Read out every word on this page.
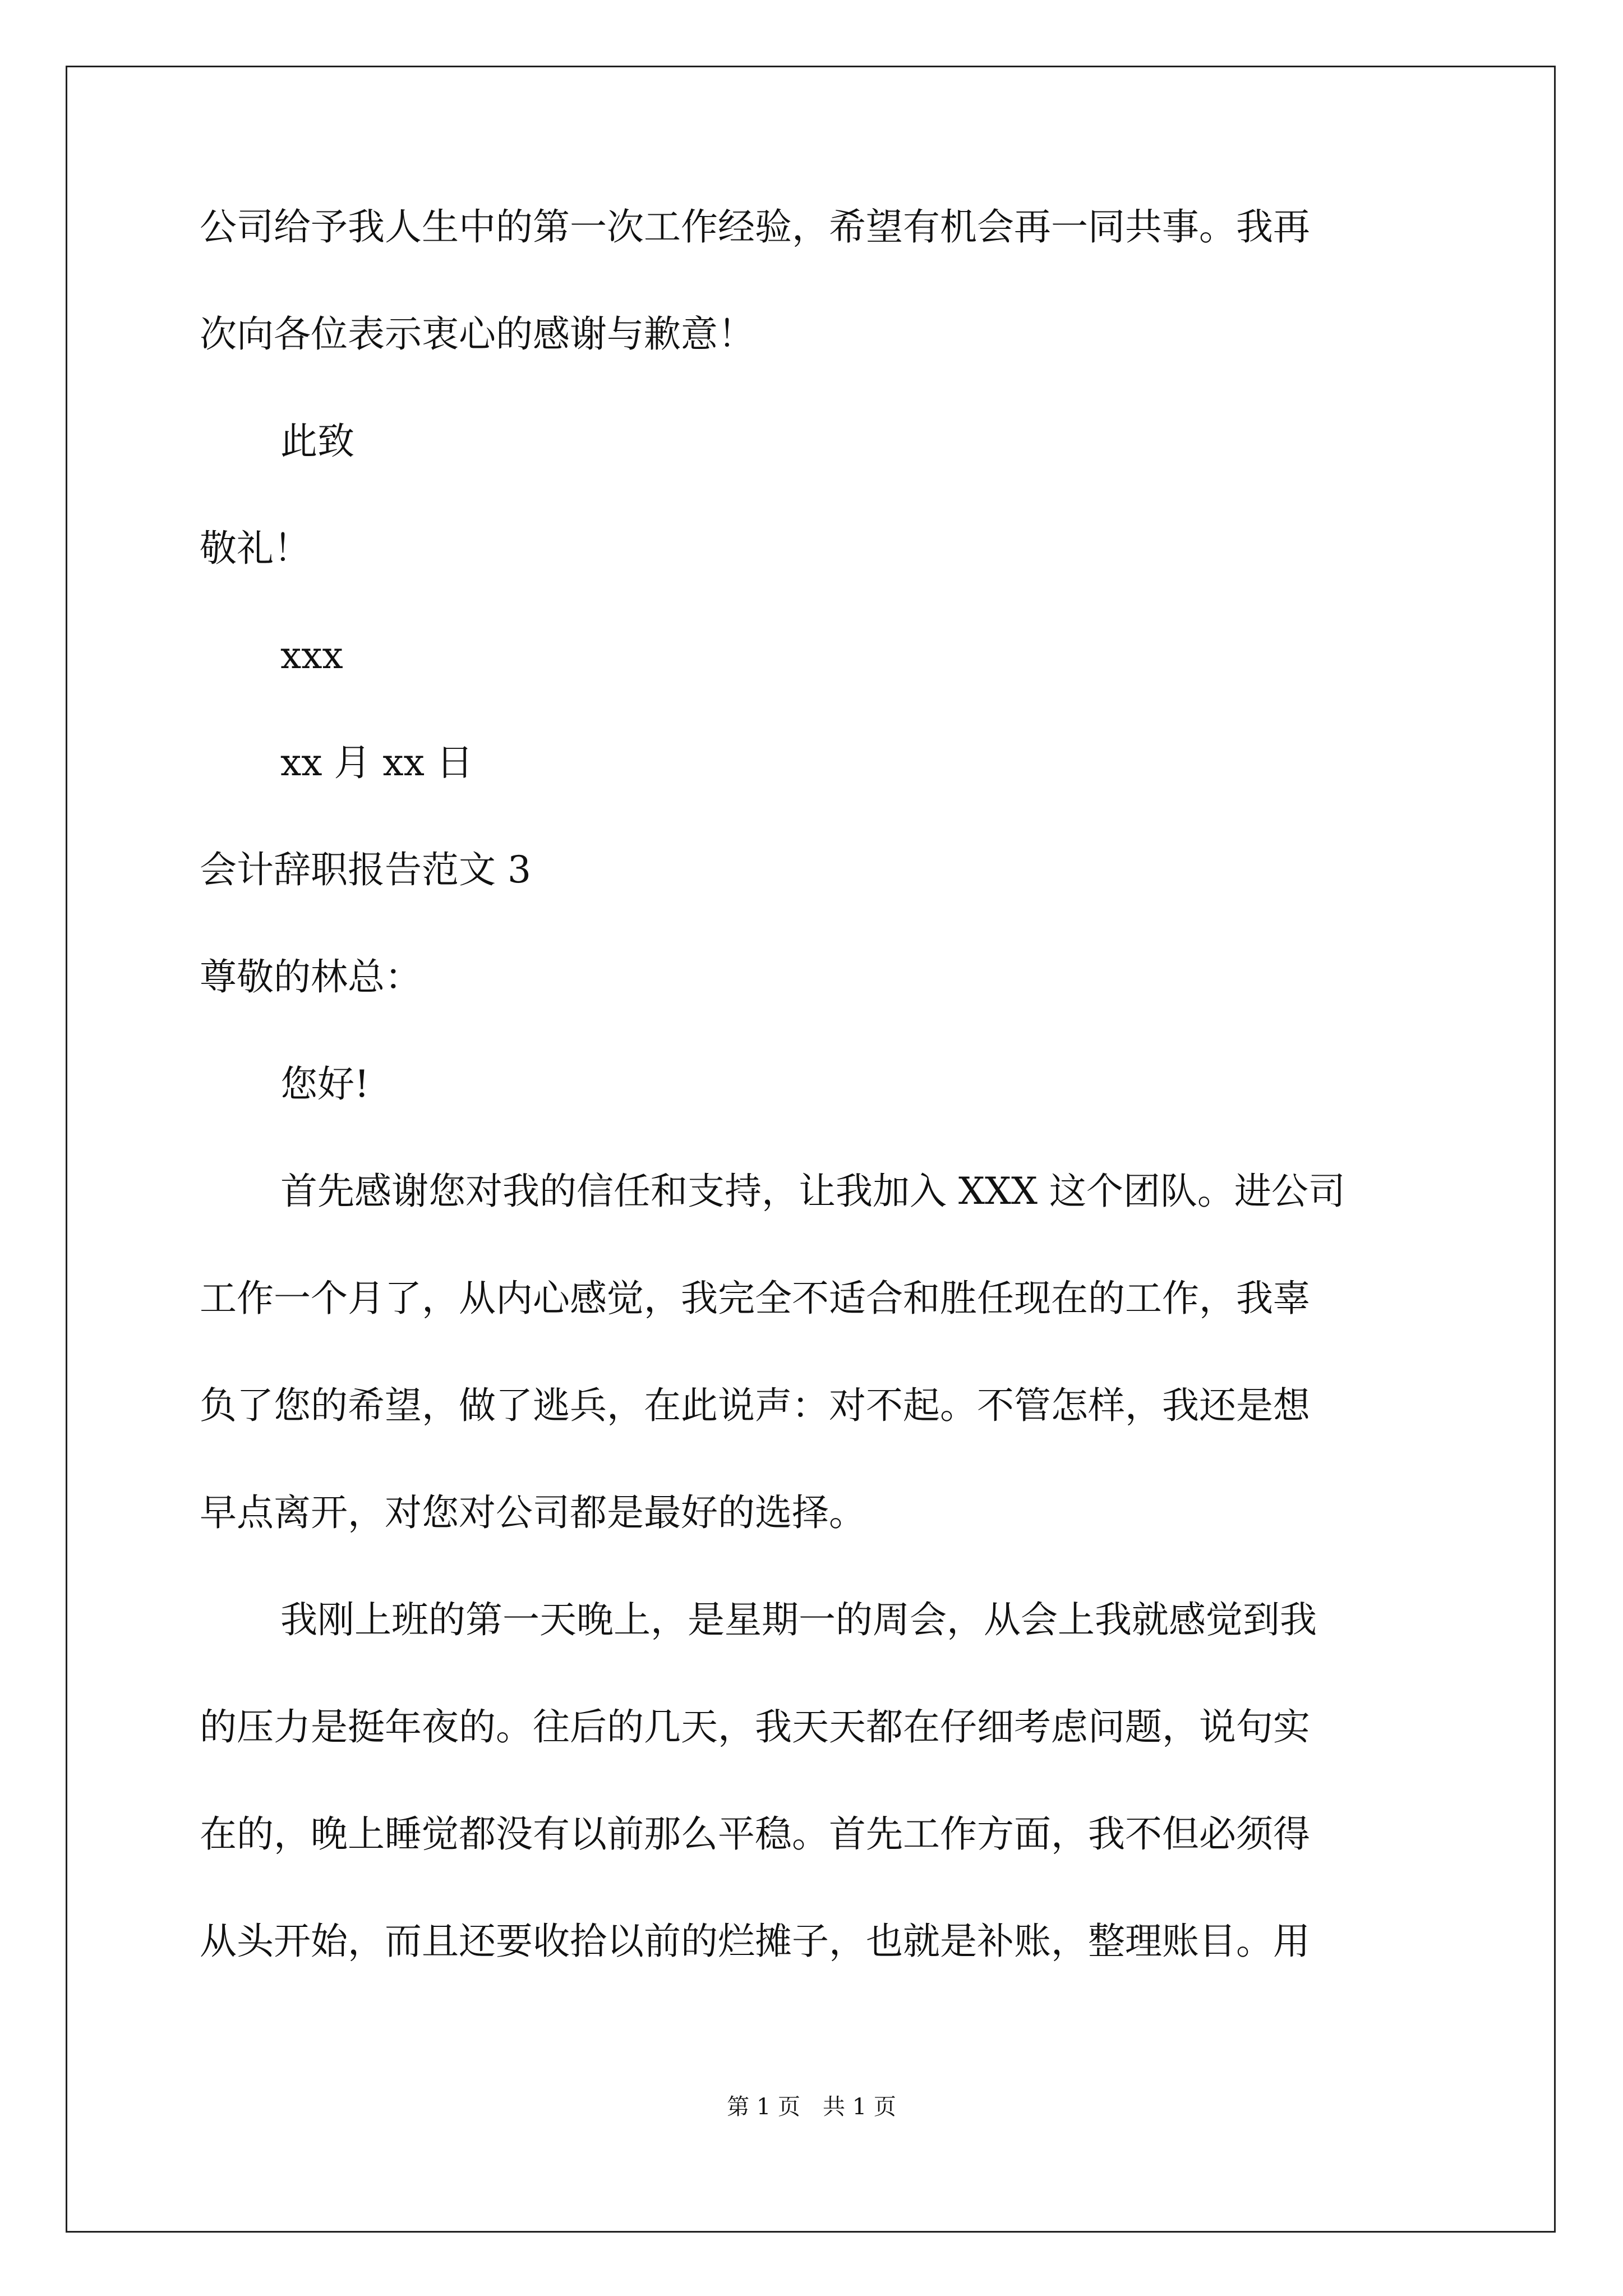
公司给予我人生中的第一次工作经验，希望有机会再一同共事。我再
次向各位表示衷心的感谢与歉意！
此致
敬礼！
xxx
xx 月 xx 日
会计辞职报告范文 3
尊敬的林总：
您好!
首先感谢您对我的信任和支持，让我加入 XXX 这个团队。进公司
工作一个月了，从内心感觉，我完全不适合和胜任现在的工作，我辜
负了您的希望，做了逃兵，在此说声：对不起。不管怎样，我还是想
早点离开，对您对公司都是最好的选择。
我刚上班的第一天晚上，是星期一的周会，从会上我就感觉到我
的压力是挺年夜的。往后的几天，我天天都在仔细考虑问题，说句实
在的，晚上睡觉都没有以前那么平稳。首先工作方面，我不但必须得
从头开始，而且还要收拾以前的烂摊子，也就是补账，整理账目。用
第 1 页　共 1 页
